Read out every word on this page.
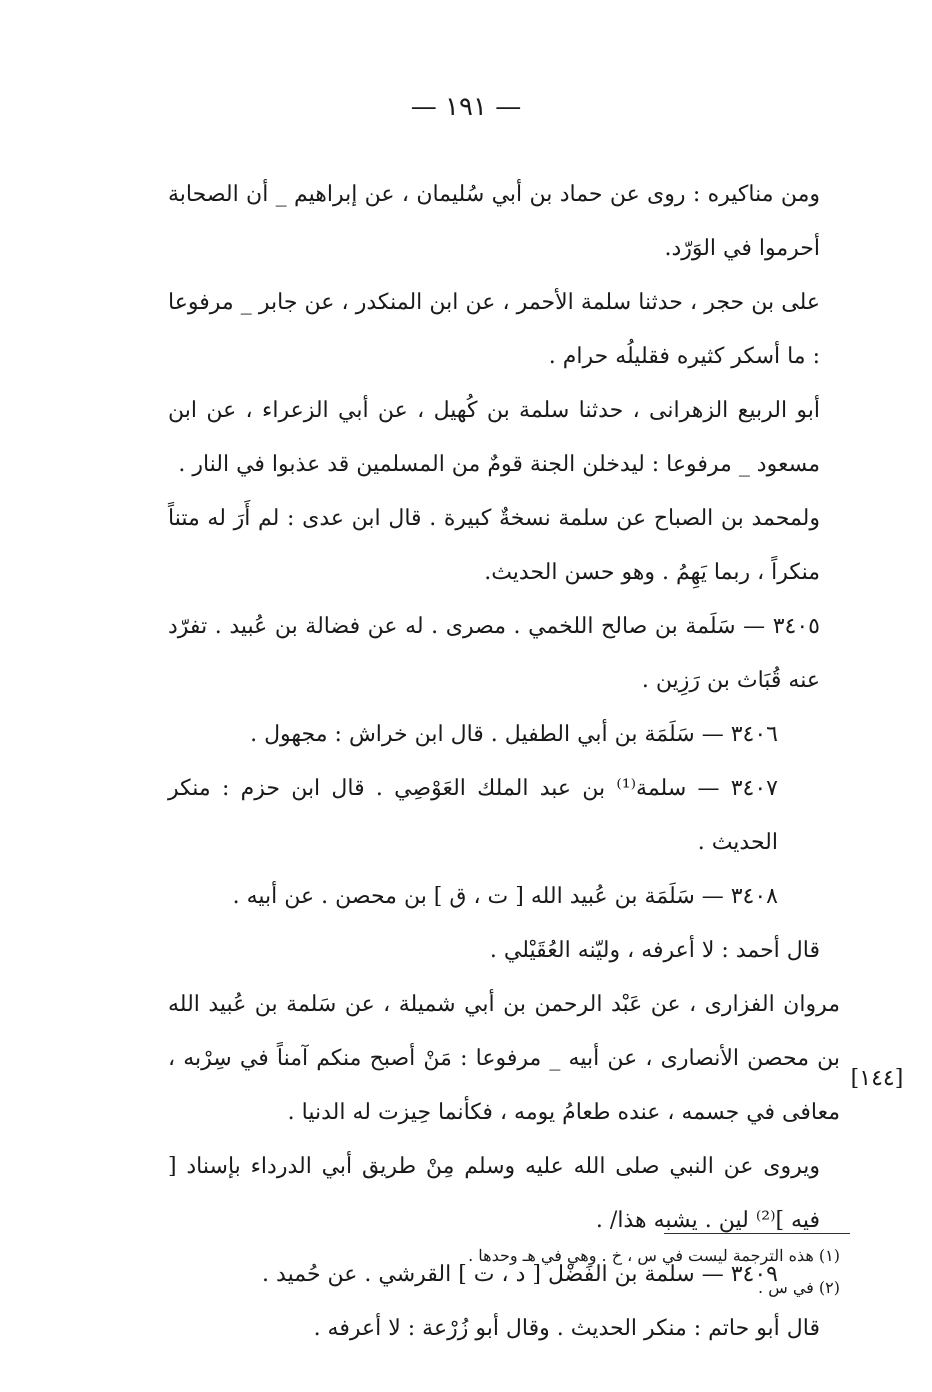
— ١٩١ —

ومن مناكيره : روى عن حماد بن أبي سُليمان ، عن إبراهيم _ أن الصحابة أحرموا في الوَرّد.

على بن حجر ، حدثنا سلمة الأحمر ، عن ابن المنكدر ، عن جابر _ مرفوعا : ما أسكر كثيره فقليلُه حرام .

أبو الربيع الزهرانى ، حدثنا سلمة بن كُهيل ، عن أبي الزعراء ، عن ابن مسعود _ مرفوعا : ليدخلن الجنة قومٌ من المسلمين قد عذبوا في النار .

ولمحمد بن الصباح عن سلمة نسخةٌ كبيرة . قال ابن عدى : لم أَرَ له متناً منكراً ، ربما يَهِمُ . وهو حسن الحديث.

٣٤٠٥ — سَلَمة بن صالح اللخمي . مصرى . له عن فضالة بن عُبيد . تفرّد عنه قُبَاث بن رَزِين .

٣٤٠٦ — سَلَمَة بن أبي الطفيل . قال ابن خراش : مجهول .

٣٤٠٧ — سلمة⁽¹⁾ بن عبد الملك العَوْصِي . قال ابن حزم : منكر الحديث .

٣٤٠٨ — سَلَمَة بن عُبيد الله [ ت ، ق ] بن محصن . عن أبيه .

قال أحمد : لا أعرفه ، وليّنه العُقَيْلي .

مروان الفزارى ، عن عَبْد الرحمن بن أبي شميلة ، عن سَلمة بن عُبيد الله بن محصن الأنصارى ، عن أبيه _ مرفوعا : مَنْ أصبح منكم آمناً في سِرْبه ، معافى في جسمه ، عنده طعامُ يومه ، فكأنما حِيزت له الدنيا .

ويروى عن النبي صلى الله عليه وسلم مِنْ طريق أبي الدرداء بإسناد [ فيه ]⁽²⁾ لين . يشبه هذا/ .

٣٤٠٩ — سلمة بن الفَضْل [ د ، ت ] القرشي . عن حُميد .

قال أبو حاتم : منكر الحديث . وقال أبو زُرْعة : لا أعرفه .

[١٤٤]

(١) هذه الترجمة ليست في س ، خ . وهي في هـ وحدها .

(٢) في س .
